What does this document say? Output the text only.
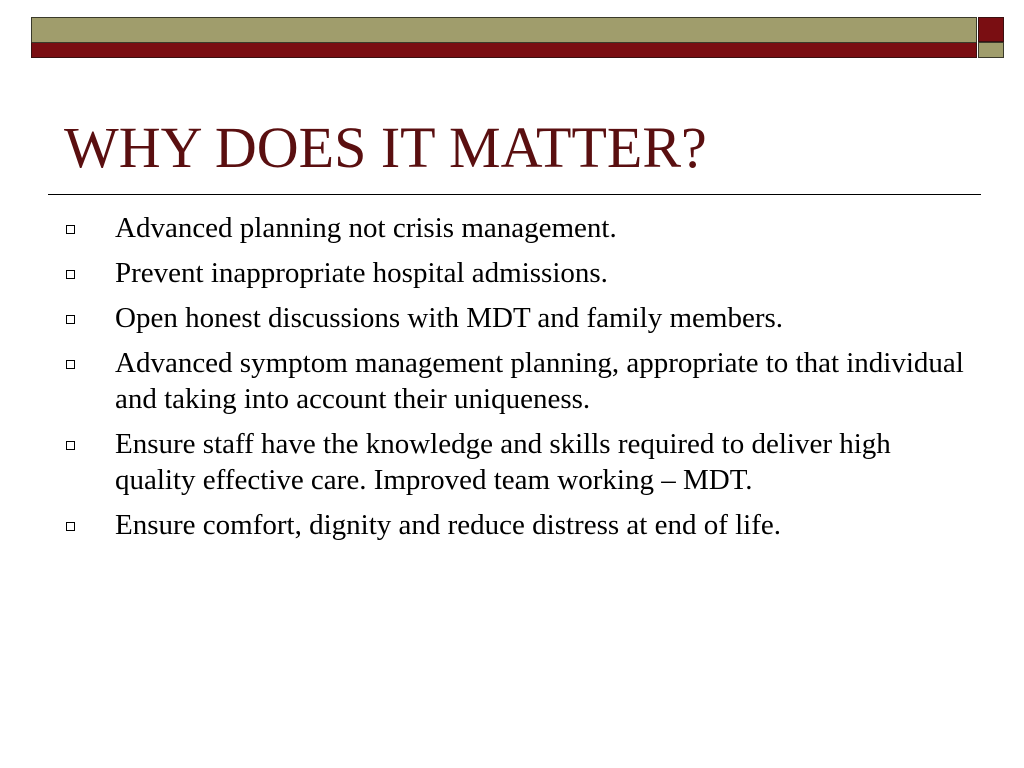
WHY DOES IT MATTER?
Advanced planning not crisis management.
Prevent inappropriate hospital admissions.
Open honest discussions with MDT and family members.
Advanced symptom management planning, appropriate to that individual and taking into account their uniqueness.
Ensure staff have the knowledge and skills required to deliver high quality effective care. Improved team working – MDT.
Ensure comfort, dignity and reduce distress at end of life.
